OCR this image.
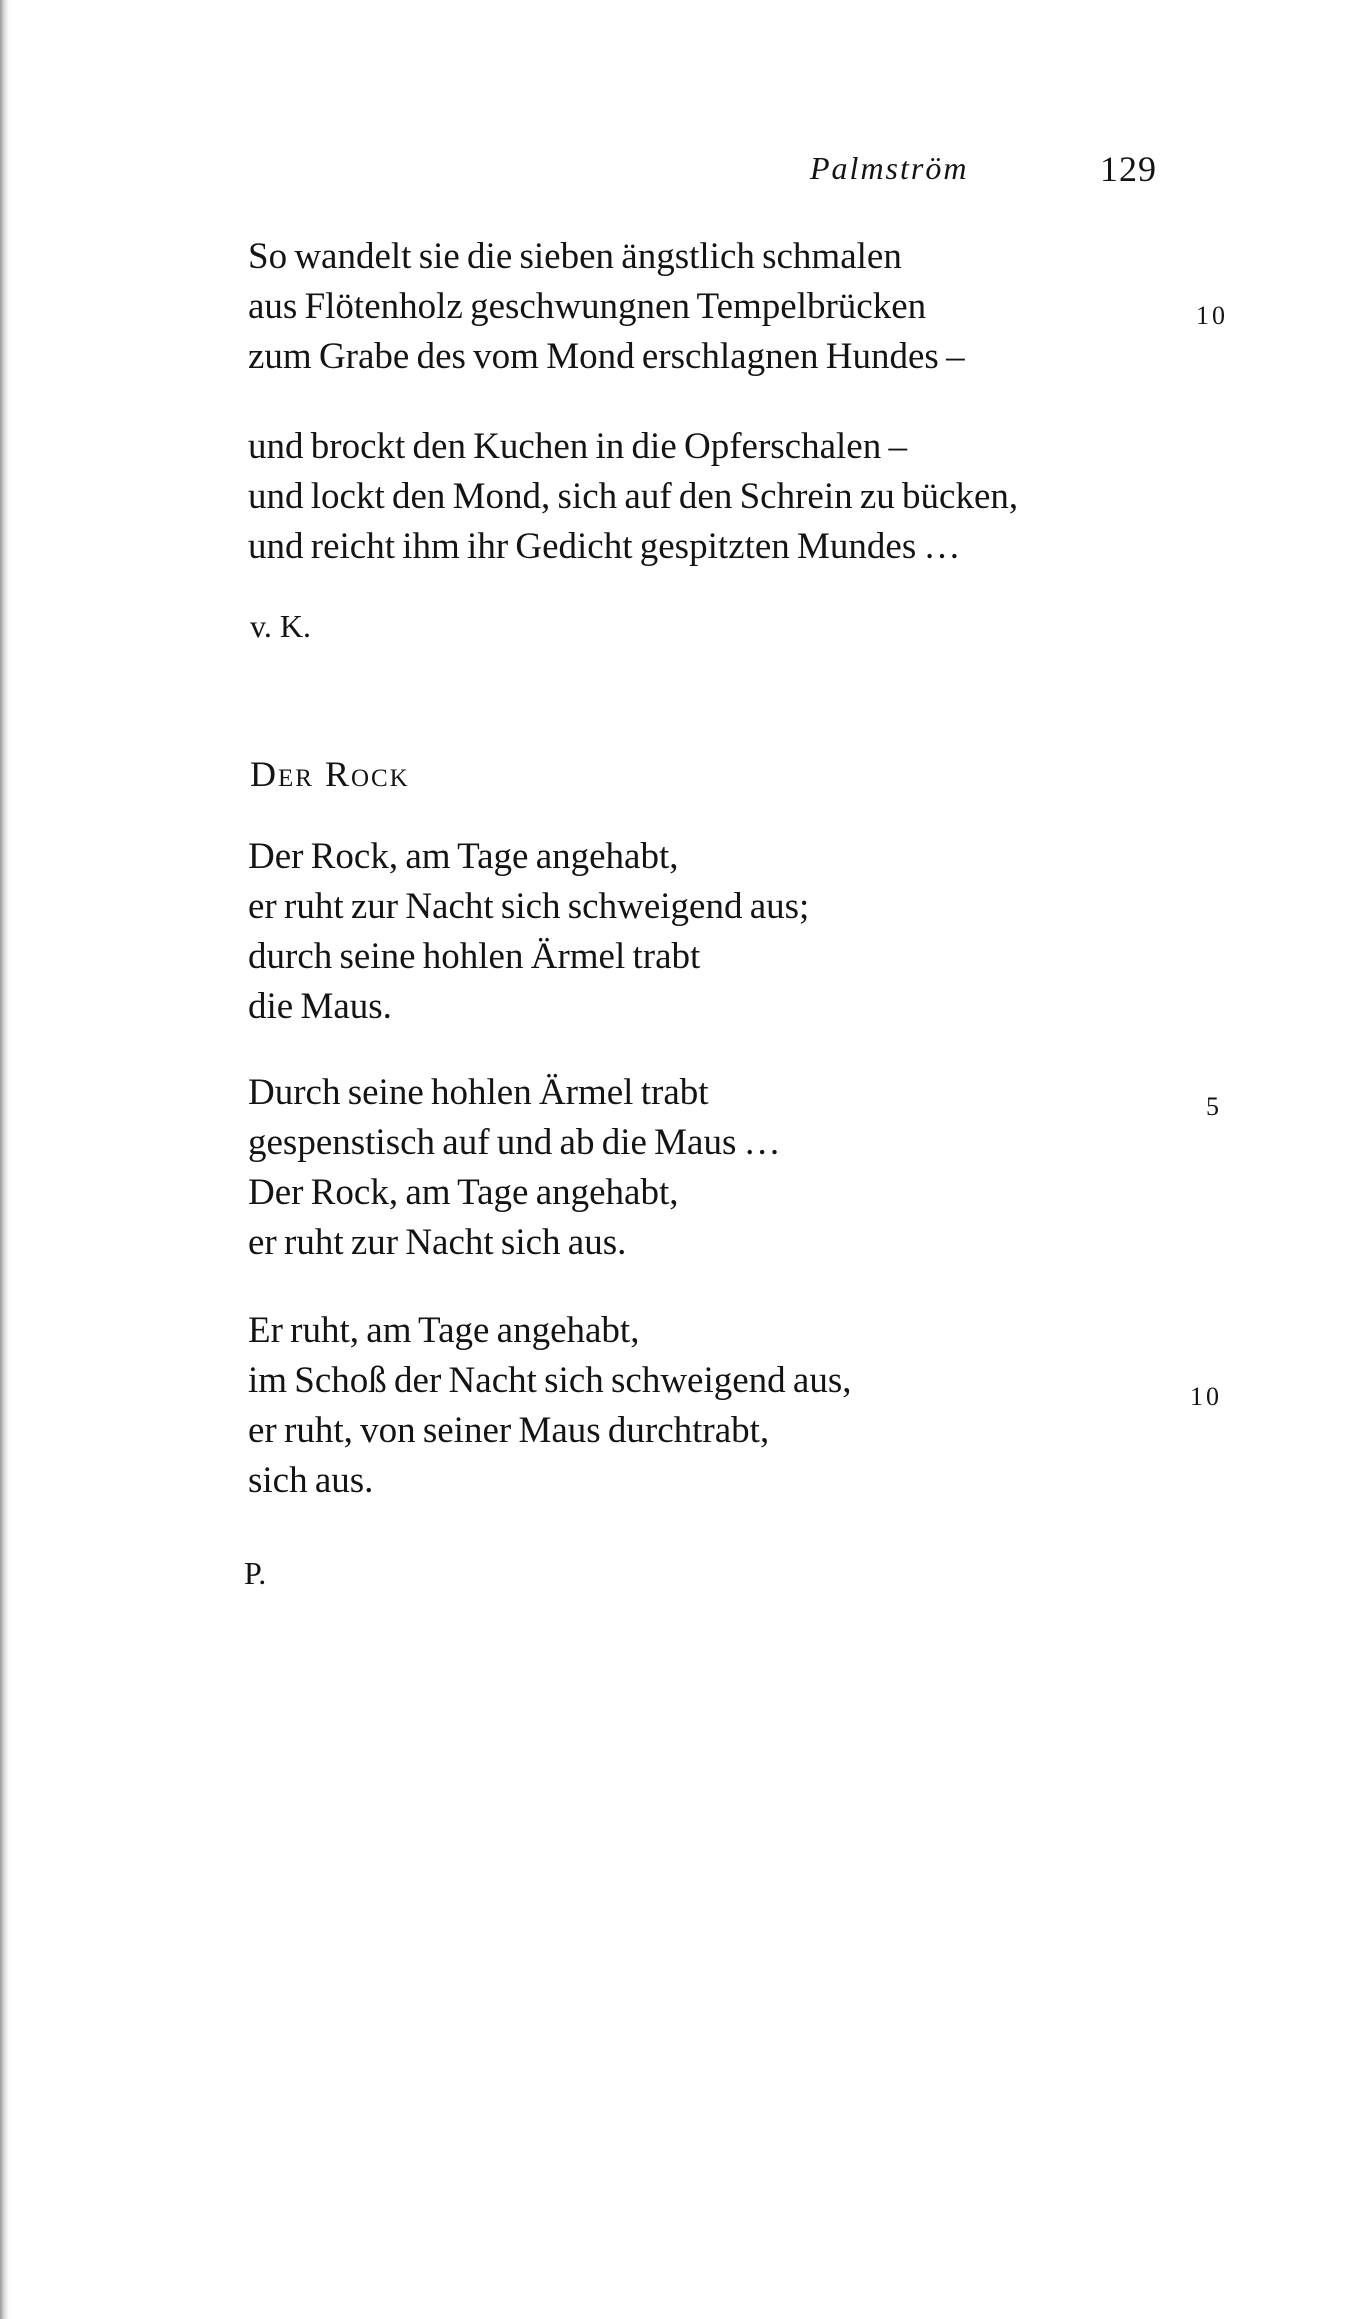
Palmström	129
So wandelt sie die sieben ängstlich schmalen
aus Flötenholz geschwungnen Tempelbrücken
zum Grabe des vom Mond erschlagnen Hundes –
10
und brockt den Kuchen in die Opferschalen –
und lockt den Mond, sich auf den Schrein zu bücken,
und reicht ihm ihr Gedicht gespitzten Mundes …
v. K.
Der Rock
Der Rock, am Tage angehabt,
er ruht zur Nacht sich schweigend aus;
durch seine hohlen Ärmel trabt
die Maus.
Durch seine hohlen Ärmel trabt
gespenstisch auf und ab die Maus …
Der Rock, am Tage angehabt,
er ruht zur Nacht sich aus.
5
Er ruht, am Tage angehabt,
im Schoß der Nacht sich schweigend aus,
er ruht, von seiner Maus durchtrabt,
sich aus.
10
P.
